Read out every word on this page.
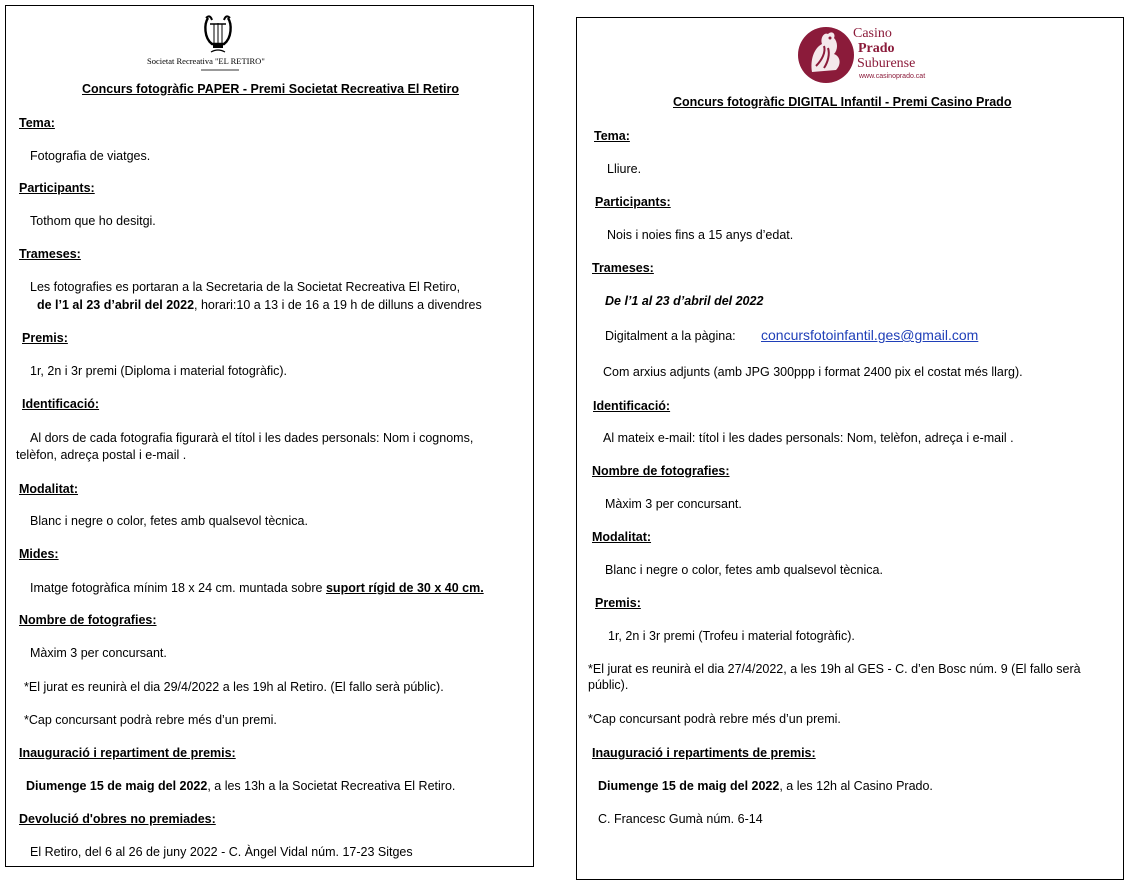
Societat Recreativa "EL RETIRO"
Concurs fotogràfic PAPER - Premi Societat Recreativa El Retiro
Tema:
Fotografia de viatges.
Participants:
Tothom que ho desitgi.
Trameses:
Les fotografies es portaran a la Secretaria de la Societat Recreativa El Retiro,
de l’1 al 23 d’abril del 2022, horari:10 a 13 i de 16 a 19 h de dilluns a divendres
Premis:
1r, 2n i 3r premi (Diploma i material fotogràfic).
Identificació:
Al dors de cada fotografia figurarà el títol i les dades personals: Nom i cognoms,
telèfon, adreça postal i e-mail .
Modalitat:
Blanc i negre o color, fetes amb qualsevol tècnica.
Mides:
Imatge fotogràfica mínim 18 x 24 cm. muntada sobre suport rígid de 30 x 40 cm.
Nombre de fotografies:
Màxim 3 per concursant.
*El jurat es reunirà el dia 29/4/2022 a les 19h al Retiro. (El fallo serà públic).
*Cap concursant podrà rebre més d’un premi.
Inauguració i repartiment de premis:
Diumenge 15 de maig del 2022, a les 13h a la Societat Recreativa El Retiro.
Devolució d'obres no premiades:
El Retiro, del 6 al 26 de juny 2022 - C. Àngel Vidal núm. 17-23 Sitges
Casino
Prado
Suburense
www.casinoprado.cat
Concurs fotogràfic DIGITAL Infantil - Premi Casino Prado
Tema:
Lliure.
Participants:
Nois i noies fins a 15 anys d’edat.
Trameses:
De l’1 al 23 d’abril del 2022
Digitalment a la pàgina: concursfotoinfantil.ges@gmail.com
Com arxius adjunts (amb JPG 300ppp i format 2400 pix el costat més llarg).
Identificació:
Al mateix e-mail: títol i les dades personals: Nom, telèfon, adreça i e-mail .
Nombre de fotografies:
Màxim 3 per concursant.
Modalitat:
Blanc i negre o color, fetes amb qualsevol tècnica.
Premis:
1r, 2n i 3r premi (Trofeu i material fotogràfic).
*El jurat es reunirà el dia 27/4/2022, a les 19h al GES - C. d’en Bosc núm. 9 (El fallo serà públic).
*Cap concursant podrà rebre més d’un premi.
Inauguració i repartiments de premis:
Diumenge 15 de maig del 2022, a les 12h al Casino Prado.
C. Francesc Gumà núm. 6-14
